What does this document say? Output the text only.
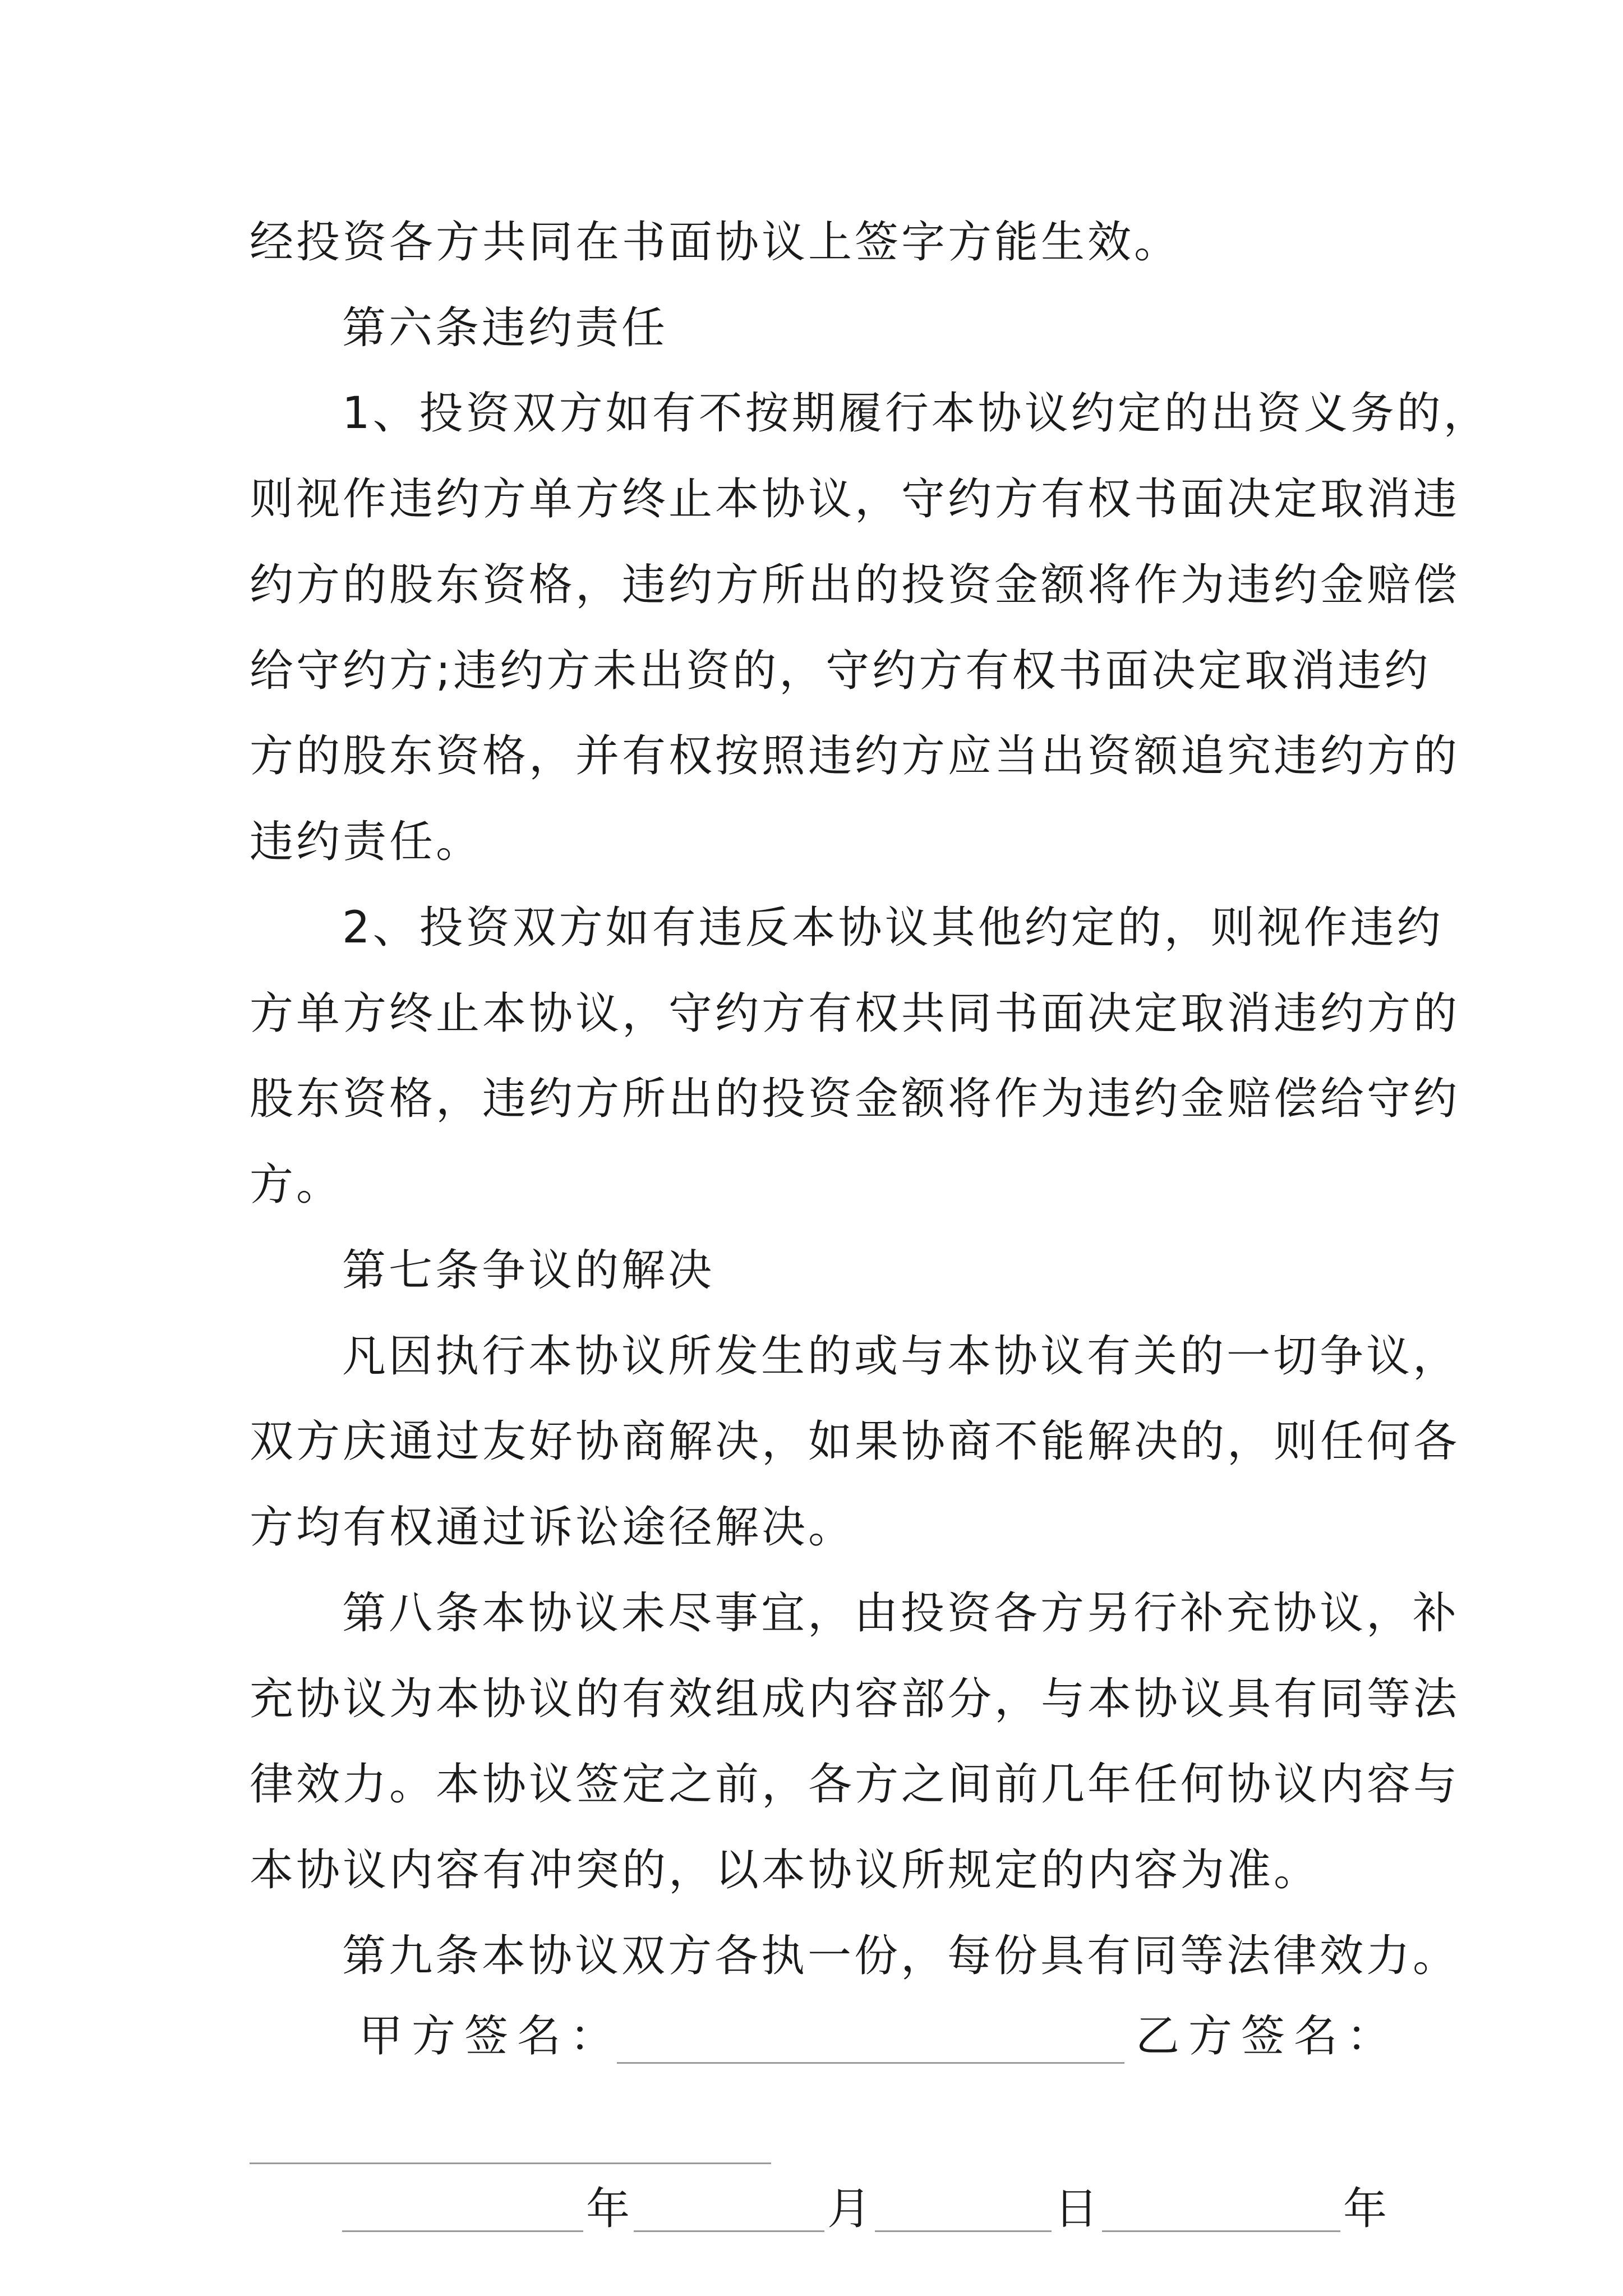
经投资各方共同在书面协议上签字方能生效。
第六条违约责任
1、投资双方如有不按期履行本协议约定的出资义务的，
则视作违约方单方终止本协议，守约方有权书面决定取消违
约方的股东资格，违约方所出的投资金额将作为违约金赔偿
给守约方;违约方未出资的，守约方有权书面决定取消违约
方的股东资格，并有权按照违约方应当出资额追究违约方的
违约责任。
2、投资双方如有违反本协议其他约定的，则视作违约
方单方终止本协议，守约方有权共同书面决定取消违约方的
股东资格，违约方所出的投资金额将作为违约金赔偿给守约
方。
第七条争议的解决
凡因执行本协议所发生的或与本协议有关的一切争议，
双方庆通过友好协商解决，如果协商不能解决的，则任何各
方均有权通过诉讼途径解决。
第八条本协议未尽事宜，由投资各方另行补充协议，补
充协议为本协议的有效组成内容部分，与本协议具有同等法
律效力。本协议签定之前，各方之间前几年任何协议内容与
本协议内容有冲突的，以本协议所规定的内容为准。
第九条本协议双方各执一份，每份具有同等法律效力。
甲方签名：	乙方签名：
年	月	日	年
